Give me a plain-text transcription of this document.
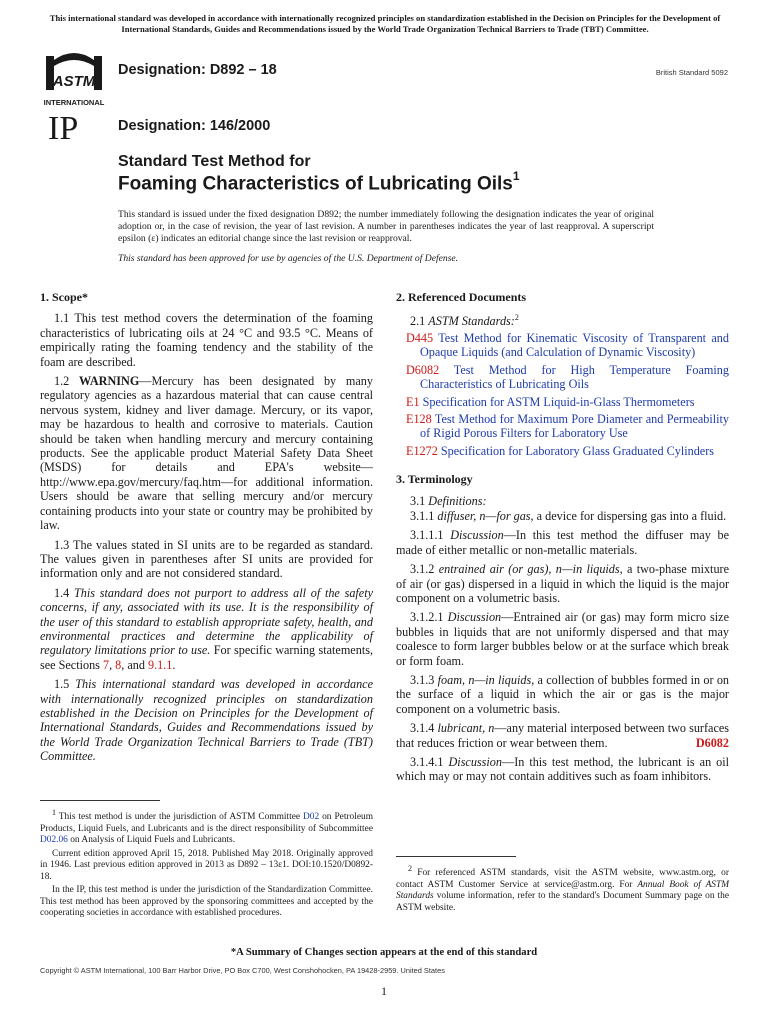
This international standard was developed in accordance with internationally recognized principles on standardization established in the Decision on Principles for the Development of International Standards, Guides and Recommendations issued by the World Trade Organization Technical Barriers to Trade (TBT) Committee.
ASTM
INTERNATIONAL
IP
Designation: D892 – 18	British Standard 5092
Designation: 146/2000
Standard Test Method for
Foaming Characteristics of Lubricating Oils$^1$
This standard is issued under the fixed designation D892; the number immediately following the designation indicates the year of original adoption or, in the case of revision, the year of last revision. A number in parentheses indicates the year of last reapproval. A superscript epsilon (ε) indicates an editorial change since the last revision or reapproval.
This standard has been approved for use by agencies of the U.S. Department of Defense.
1. Scope*

1.1 This test method covers the determination of the foaming characteristics of lubricating oils at 24 °C and 93.5 °C. Means of empirically rating the foaming tendency and the stability of the foam are described.

1.2 WARNING—Mercury has been designated by many regulatory agencies as a hazardous material that can cause central nervous system, kidney and liver damage. Mercury, or its vapor, may be hazardous to health and corrosive to materials. Caution should be taken when handling mercury and mercury containing products. See the applicable product Material Safety Data Sheet (MSDS) for details and EPA's website—http://www.epa.gov/mercury/faq.htm—for additional information. Users should be aware that selling mercury and/or mercury containing products into your state or country may be prohibited by law.

1.3 The values stated in SI units are to be regarded as standard. The values given in parentheses after SI units are provided for information only and are not considered standard.

1.4 This standard does not purport to address all of the safety concerns, if any, associated with its use. It is the responsibility of the user of this standard to establish appropriate safety, health, and environmental practices and determine the applicability of regulatory limitations prior to use. For specific warning statements, see Sections 7, 8, and 9.1.1.

1.5 This international standard was developed in accordance with internationally recognized principles on standardization established in the Decision on Principles for the Development of International Standards, Guides and Recommendations issued by the World Trade Organization Technical Barriers to Trade (TBT) Committee.

1 This test method is under the jurisdiction of ASTM Committee D02 on Petroleum Products, Liquid Fuels, and Lubricants and is the direct responsibility of Subcommittee D02.06 on Analysis of Liquid Fuels and Lubricants.

Current edition approved April 15, 2018. Published May 2018. Originally approved in 1946. Last previous edition approved in 2013 as D892 – 13ε1. DOI:10.1520/D0892-18.

In the IP, this test method is under the jurisdiction of the Standardization Committee. This test method has been approved by the sponsoring committees and accepted by the cooperating societies in accordance with established procedures.

2. Referenced Documents

2.1 ASTM Standards:$^2$

D445 Test Method for Kinematic Viscosity of Transparent and Opaque Liquids (and Calculation of Dynamic Viscosity)
D6082 Test Method for High Temperature Foaming Characteristics of Lubricating Oils
E1 Specification for ASTM Liquid-in-Glass Thermometers
E128 Test Method for Maximum Pore Diameter and Permeability of Rigid Porous Filters for Laboratory Use
E1272 Specification for Laboratory Glass Graduated Cylinders
3. Terminology

3.1 Definitions:

3.1.1 diffuser, n—for gas, a device for dispersing gas into a fluid.

3.1.1.1 Discussion—In this test method the diffuser may be made of either metallic or non-metallic materials.

3.1.2 entrained air (or gas), n—in liquids, a two-phase mixture of air (or gas) dispersed in a liquid in which the liquid is the major component on a volumetric basis.

3.1.2.1 Discussion—Entrained air (or gas) may form micro size bubbles in liquids that are not uniformly dispersed and that may coalesce to form larger bubbles below or at the surface which break or form foam.

3.1.3 foam, n—in liquids, a collection of bubbles formed in or on the surface of a liquid in which the air or gas is the major component on a volumetric basis.

3.1.4 lubricant, n—any material interposed between two surfaces that reduces friction or wear between them.	D6082

3.1.4.1 Discussion—In this test method, the lubricant is an oil which may or may not contain additives such as foam inhibitors.

2 For referenced ASTM standards, visit the ASTM website, www.astm.org, or contact ASTM Customer Service at service@astm.org. For Annual Book of ASTM Standards volume information, refer to the standard's Document Summary page on the ASTM website.

*A Summary of Changes section appears at the end of this standard
Copyright © ASTM International, 100 Barr Harbor Drive, PO Box C700, West Conshohocken, PA 19428-2959. United States
1
